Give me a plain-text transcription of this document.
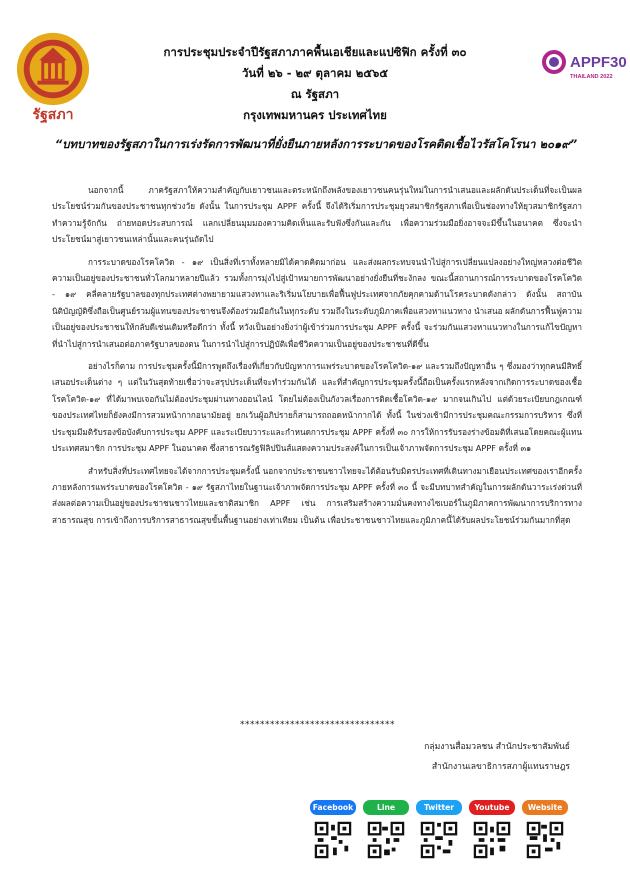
รัฐสภา
การประชุมประจำปีรัฐสภาภาคพื้นเอเชียและแปซิฟิก ครั้งที่ ๓๐
วันที่ ๒๖ - ๒๙ ตุลาคม ๒๕๖๕
ณ รัฐสภา
กรุงเทพมหานคร ประเทศไทย
APPF30
THAILAND 2022
“บทบาทของรัฐสภาในการเร่งรัดการพัฒนาที่ยั่งยืนภายหลังการระบาดของโรคติดเชื้อไวรัสโคโรนา ๒๐๑๙”

นอกจากนี้ ภาครัฐสภาให้ความสำคัญกับเยาวชนและตระหนักถึงพลังของเยาวชนคนรุ่นใหม่ในการนำเสนอและผลักดันประเด็นที่จะเป็นผลประโยชน์ร่วมกันของประชาชนทุกช่วงวัย ดังนั้น ในการประชุม APPF ครั้งนี้ จึงได้ริเริ่มการประชุมยุวสมาชิกรัฐสภาเพื่อเป็นช่องทางให้ยุวสมาชิกรัฐสภาทำความรู้จักกัน ถ่ายทอดประสบการณ์ แลกเปลี่ยนมุมมองความคิดเห็นและรับฟังซึ่งกันและกัน เพื่อความร่วมมือยิ่งอาจจะมีขึ้นในอนาคต ซึ่งจะนำประโยชน์มาสู่เยาวชนเหล่านั้นและคนรุ่นถัดไป

การระบาดของโรคโควิด - ๑๙ เป็นสิ่งที่เราทั้งหลายมิได้คาดคิดมาก่อน และส่งผลกระทบจนนำไปสู่การเปลี่ยนแปลงอย่างใหญ่หลวงต่อชีวิตความเป็นอยู่ของประชาชนทั่วโลกมาหลายปีแล้ว รวมทั้งการมุ่งไปสู่เป้าหมายการพัฒนาอย่างยั่งยืนที่ชะงักลง ขณะนี้สถานการณ์การระบาดของโรคโควิด - ๑๙ คลี่คลายรัฐบาลของทุกประเทศต่างพยายามแสวงหาและริเริ่มนโยบายเพื่อฟื้นฟูประเทศจากภัยคุกคามด้านโรคระบาดดังกล่าว ดังนั้น สถาบันนิติบัญญัติซึ่งถือเป็นศูนย์รวมผู้แทนของประชาชนจึงต้องร่วมมือกันในทุกระดับ รวมถึงในระดับภูมิภาคเพื่อแสวงหาแนวทาง นำเสนอ ผลักดันการฟื้นฟูความเป็นอยู่ของประชาชนให้กลับดีเช่นเดิมหรือดีกว่า ทั้งนี้ หวังเป็นอย่างยิ่งว่าผู้เข้าร่วมการประชุม APPF ครั้งนี้ จะร่วมกันแสวงหาแนวทางในการแก้ไขปัญหาที่นำไปสู่การนำเสนอต่อภาครัฐบาลของตน ในการนำไปสู่การปฏิบัติเพื่อชีวิตความเป็นอยู่ของประชาชนที่ดีขึ้น

อย่างไรก็ตาม การประชุมครั้งนี้มีการพูดถึงเรื่องที่เกี่ยวกับปัญหาการแพร่ระบาดของโรคโควิด-๑๙ และรวมถึงปัญหาอื่น ๆ ซึ่งมองว่าทุกคนมีสิทธิ์เสนอประเด็นต่าง ๆ แต่ในวันสุดท้ายเชื่อว่าจะสรุปประเด็นที่จะทำร่วมกันได้ และที่สำคัญการประชุมครั้งนี้ถือเป็นครั้งแรกหลังจากเกิดการระบาดของเชื้อโรคโควิด-๑๙ ที่ได้มาพบเจอกันไม่ต้องประชุมผ่านทางออนไลน์ โดยไม่ต้องเป็นกังวลเรื่องการติดเชื้อโควิด-๑๙ มากจนเกินไป แต่ด้วยระเบียบกฎเกณฑ์ของประเทศไทยก็ยังคงมีการสวมหน้ากากอนามัยอยู่ ยกเว้นผู้อภิปรายก็สามารถถอดหน้ากากได้ ทั้งนี้ ในช่วงเช้ามีการประชุมคณะกรรมการบริหาร ซึ่งที่ประชุมมีมติรับรองข้อบังคับการประชุม APPF และระเบียบวาระและกำหนดการประชุม APPF ครั้งที่ ๓๐ การให้การรับรองร่างข้อมติที่เสนอโดยคณะผู้แทนประเทศสมาชิก การประชุม APPF ในอนาคต ซึ่งสาธารณรัฐฟิลิปปินส์แสดงความประสงค์ในการเป็นเจ้าภาพจัดการประชุม APPF ครั้งที่ ๓๑

สำหรับสิ่งที่ประเทศไทยจะได้จากการประชุมครั้งนี้ นอกจากประชาชนชาวไทยจะได้ต้อนรับมิตรประเทศที่เดินทางมาเยือนประเทศของเราอีกครั้งภายหลังการแพร่ระบาดของโรคโควิด - ๑๙ รัฐสภาไทยในฐานะเจ้าภาพจัดการประชุม APPF ครั้งที่ ๓๐ นี้ จะมีบทบาทสำคัญในการผลักดันวาระเร่งด่วนที่ส่งผลต่อความเป็นอยู่ของประชาชนชาวไทยและชาติสมาชิก APPF เช่น การเสริมสร้างความมั่นคงทางไซเบอร์ในภูมิภาคการพัฒนาการบริการทางสาธารณสุข การเข้าถึงการบริการสาธารณสุขขั้นพื้นฐานอย่างเท่าเทียม เป็นต้น เพื่อประชาชนชาวไทยและภูมิภาคนี้ได้รับผลประโยชน์ร่วมกันมากที่สุด

*******************************
กลุ่มงานสื่อมวลชน สำนักประชาสัมพันธ์
สำนักงานเลขาธิการสภาผู้แทนราษฎร
Facebook	Line	Twitter	Youtube	Website
